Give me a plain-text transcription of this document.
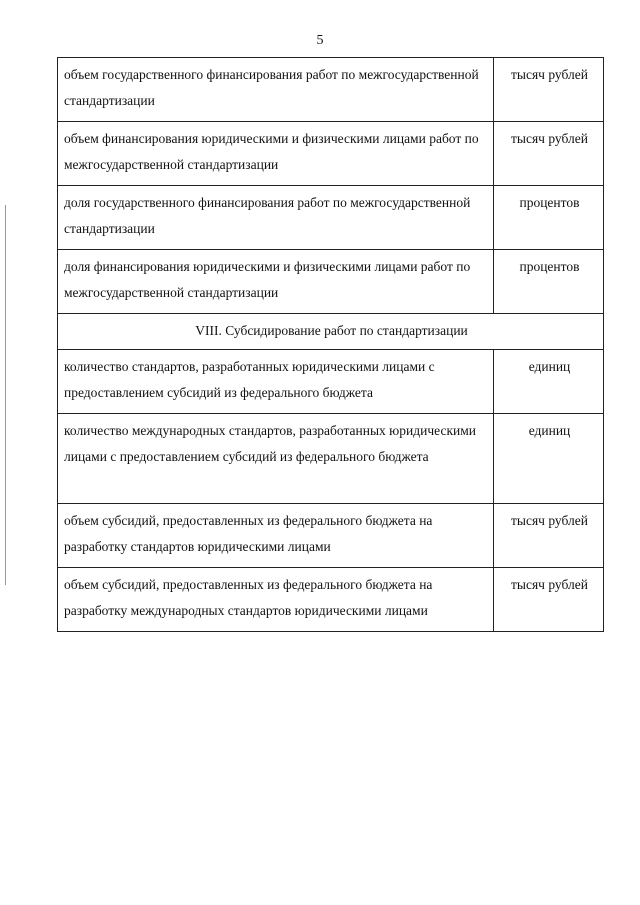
5
объем государственного финансирования работ по межгосударственной стандартизации	тысяч рублей
объем финансирования юридическими и физическими лицами работ по межгосударственной стандартизации	тысяч рублей
доля государственного финансирования работ по межгосударственной стандартизации	процентов
доля финансирования юридическими и физическими лицами работ по межгосударственной стандартизации	процентов
VIII. Субсидирование работ по стандартизации	
количество стандартов, разработанных юридическими лицами с предоставлением субсидий из федерального бюджета	единиц
количество международных стандартов, разработанных юридическими лицами с предоставлением субсидий из федерального бюджета	единиц
объем субсидий, предоставленных из федерального бюджета на разработку стандартов юридическими лицами	тысяч рублей
объем субсидий, предоставленных из федерального бюджета на разработку международных стандартов юридическими лицами	тысяч рублей
